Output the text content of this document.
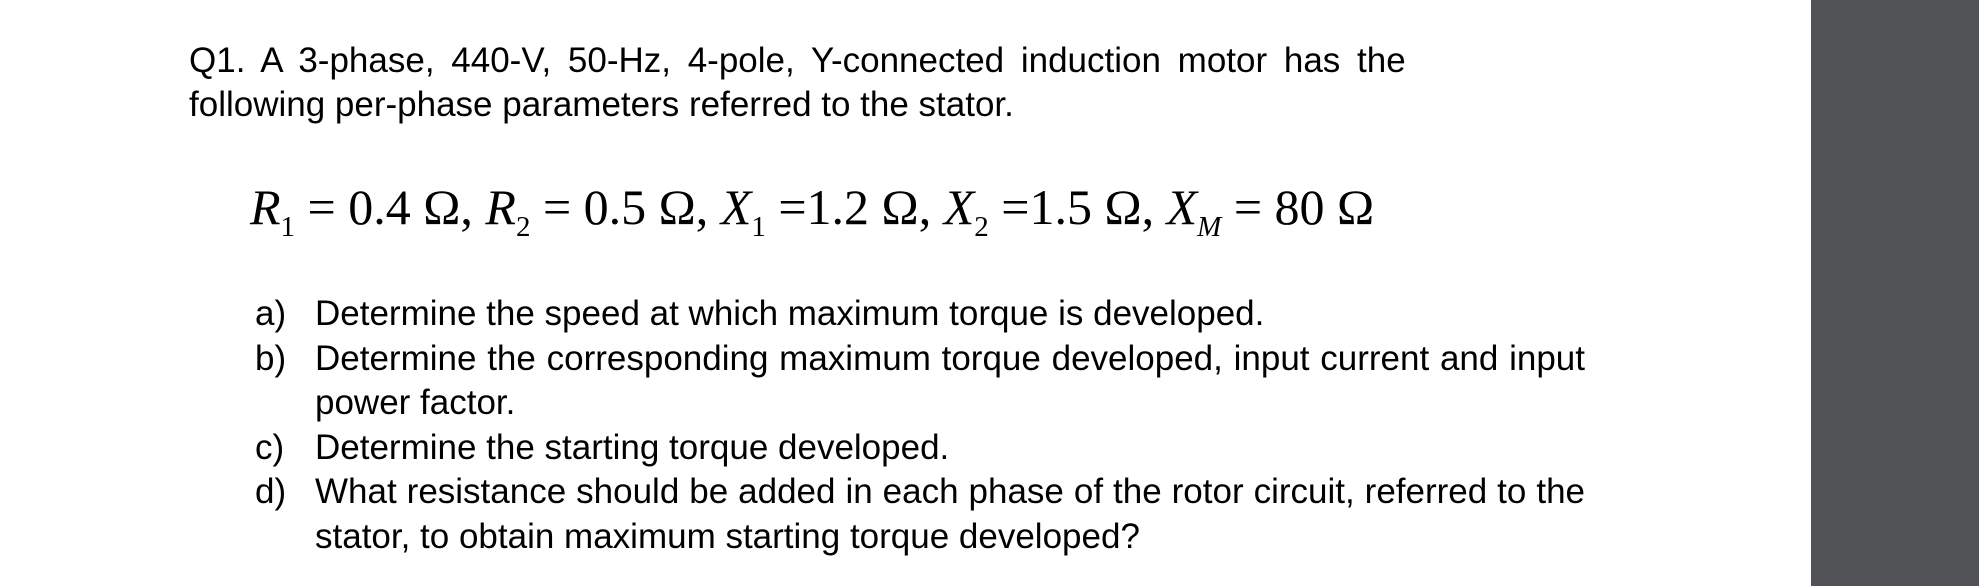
Q1. A 3-phase, 440-V, 50-Hz, 4-pole, Y-connected induction motor has the
following per-phase parameters referred to the stator.
$R_1 = 0.4$ Ω, $R_2 = 0.5$ Ω, $X_1 =1.2$ Ω, $X_2 =1.5$ Ω, $X_M = 80$ Ω
a) Determine the speed at which maximum torque is developed.
b) Determine the corresponding maximum torque developed, input current and input power factor.
c) Determine the starting torque developed.
d) What resistance should be added in each phase of the rotor circuit, referred to the stator, to obtain maximum starting torque developed?
